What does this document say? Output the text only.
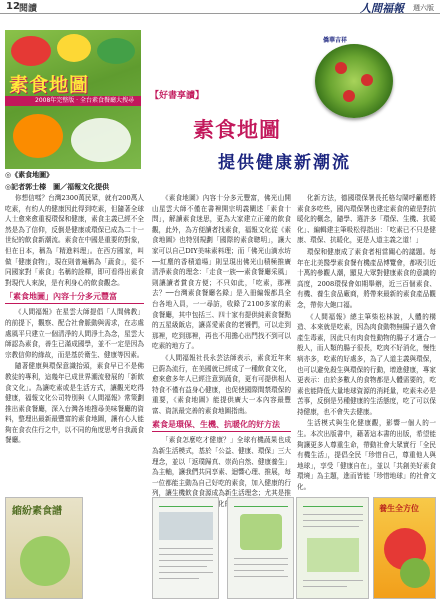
12 閱讀	人間福報 週六版
素食地圖
2008年完整版 · 全台素食餐廳大搜尋
◎《素食地圖》
僑華吉祥
【好書享讀】
素食地圖
提供健康新潮流
◎記者郭士榛　圖／福報文化提供

你想信嗎？台灣2300萬民眾，就有200萬人吃素，有約人的健康因此得到吃素，但隨著全球人士愈來愈重視環保和健康，素食主義已經不全然是為了信仰，反倒是健康或環保已成為二十一世紀的飲食新潮流。素食在中國是重要的對象，但在日本，稱為「精進料理」。在西方國家，叫做「健康食物」，現在則普遍稱為「蔬食」，從不同國家對「素食」名稱的詮釋，即可看得出素食對現代人來說，是有利身心的飲食觀念。

「素食地圖」內容十分多元豐富

《人間福報》在星雲大師提倡「人間佛教」的前提下，觀察、配合社會脈動與需求，在志處處風平只建立一個清淨的人間淨土為念，星雲大師認為素食，善生已滿成國學，並不一定是因為宗教信仰的緣故，而是基於衛生、健康等因素。

隨著健康與環保意識抬頭，素食早已不是佛教徒的專利，這幾年已成世界潮流發展的「新飲食文化」。為讓吃素或是生活方式，讓觀光吃得健康，福報文化公司特別與《人間福報》常策劃推出素食餐廳，深入台灣各地搜尋美味餐廳的資料，整理出最新最豐富的素食地圖，讓有心人能夠在食衣住行之中，以不同的角度思考自我蔬食餐廳。

《素食地圖》內容十分多元豐富，佛光山開山星雲大師不僅在書裡開宗明義闡述「素食十問」，解讀素食迷思，更為大家建立正確的飲食觀，此外，為方便讀者找素食，福報文化從《素食地圖》也特別規劃「國際的素食聰明」，讓大家可以自己DIY美味素料理；而「佛光山滴水坊──紅塵的香積道場」則呈現出佛光山積極推廣清淨素食的理念：「走食一族──素食餐廳采風」則讓讀者賞食方便；不只如此，「吃素，那裡去？──台灣素食餐廳名錄」是入冊編報都具全台各地入員，一一尋訪，收錄了2100多家的素食餐廳，其中包括三、四十家有提供純素食餐點的五星級飯店，讓喜愛素食的老饕們，可以走到那裡，吃到那裡，再也不用擔心出門找不到可以吃素的地方了。

《人間福報社長永芸法師表示，素食近年來已蔚為流行，在美國就已經成了一種飲食文化，愈來愈多年人已經注意到蔬食，更有可提供相人特食不僅有益身心健康，也促使國際間禁環保的重要，《素食地圖》能提供廣大一本內容最豐富、資訊最完善的素食地圖指南。

素食是環保、生機、抗暖化的好方法

「素食怎麼吃才健康？」全球有機蔬果也成為新生活模式，基於「公益、健康、環保」三大理念，並以「返璞歸真、崇尚自然、健康養生」為主軸，讓我們共同享素、迴響心理、推展，每一位都能主動為自己好吃的素食，加入健康的行列，讓生機飲食食源成為新生活理念；尤其是推 化的

化新方法，德國環保署長托格勾鬧呼籲應將素食多吃些，國內環保署也建定素食的確是對抗暖化的概念，隨學、選許多「環保、生機、抗暖化」、編輯建主筆吸松得指出：「吃素已不只是健康、環保、抗暖化，更是人道主義之道！」

環保和健康成了素食者相當關心的議題。每年在北美醫學素食餐有機產品博覽會，都吸引近十萬的參觀人潮，顯見大眾對健康素食的意識的高度，2008環保會如期舉辦，近三百個素食、有機、養生食品廠商，將帶來最新的素食產品觀念，帶你大飽口福。

《人間福報》總主筆柴松林說，人體的構造、本來就是吃素，因為肉食動物無腸子過久會產生毒素，因此只有肉食性動物的腸子才適合一般人，而人類的腸子很長，吃肉不好消化，慢性病亦多，吃素的好處多，為了人道主義與環保，也可以避免殺生與環保的行動，增進健康，專家更表示：由於多數人的食物都是人體需要的，吃素也能降低大量地球資源的消耗量，吃素未必是苦事，反倒是另種健康的生活態度，吃了可以保持健康，也不會失去健康。

生活模式與生化健康觀，影響一個人的一生。本次出版書中，藉著這本書的出版，希望能夠讓更多人尊重生命，帶動社會大眾實行「全民有機生活」，提倡全民「珍惜自己，尊重他人與地球」，享受「健康自在」，並以「共創美好素食環境」為主題，進而皆能「珍惜地球」的社會文化。

縮紛素食譜	養生全方位
